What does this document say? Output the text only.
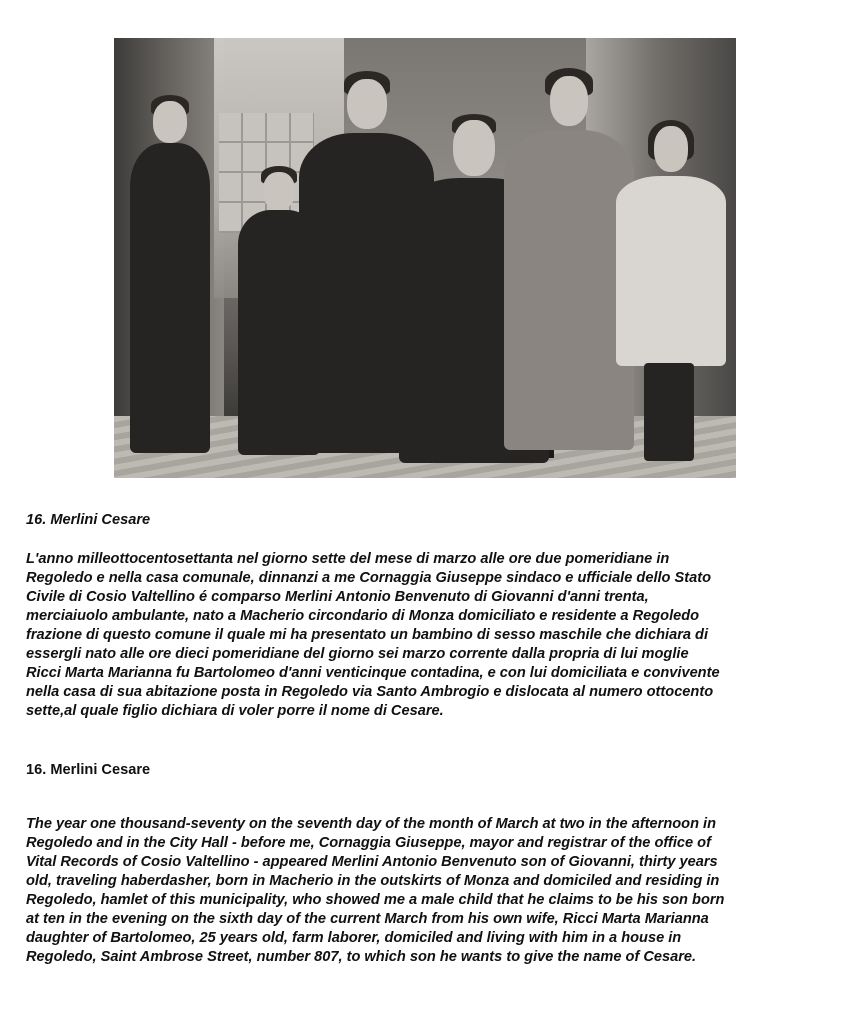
16. Merlini Cesare
L'anno milleottocentosettanta nel giorno sette del mese di marzo alle ore due pomeridiane in
Regoledo e nella casa comunale, dinnanzi a me Cornaggia Giuseppe sindaco e ufficiale dello Stato
Civile di Cosio Valtellino é comparso Merlini Antonio Benvenuto di Giovanni d'anni trenta,
merciaiuolo ambulante, nato a Macherio circondario di Monza domiciliato e residente a Regoledo
frazione di questo comune il quale mi ha presentato un bambino di sesso maschile che dichiara di
essergli nato alle ore dieci pomeridiane del giorno sei marzo corrente dalla propria di lui moglie
Ricci Marta Marianna fu Bartolomeo d'anni venticinque contadina, e con lui domiciliata e convivente
nella casa di sua abitazione posta in Regoledo via Santo Ambrogio e dislocata al numero ottocento
sette,al quale figlio dichiara di voler porre il nome di Cesare.
16. Merlini Cesare
The year one thousand-seventy on the seventh day of the month of March at two in the afternoon in
Regoledo and in the City Hall - before me, Cornaggia Giuseppe, mayor and registrar of the office of
Vital Records of Cosio Valtellino - appeared Merlini Antonio Benvenuto son of Giovanni, thirty years
old, traveling haberdasher, born in Macherio in the outskirts of Monza and domiciled and residing in
Regoledo, hamlet of this municipality, who showed me a male child that he claims to be his son born
at ten in the evening on the sixth day of the current March from his own wife, Ricci Marta Marianna
daughter of Bartolomeo, 25 years old, farm laborer, domiciled and living with him in a house in
Regoledo, Saint Ambrose Street, number 807, to which son he wants to give the name of Cesare.
